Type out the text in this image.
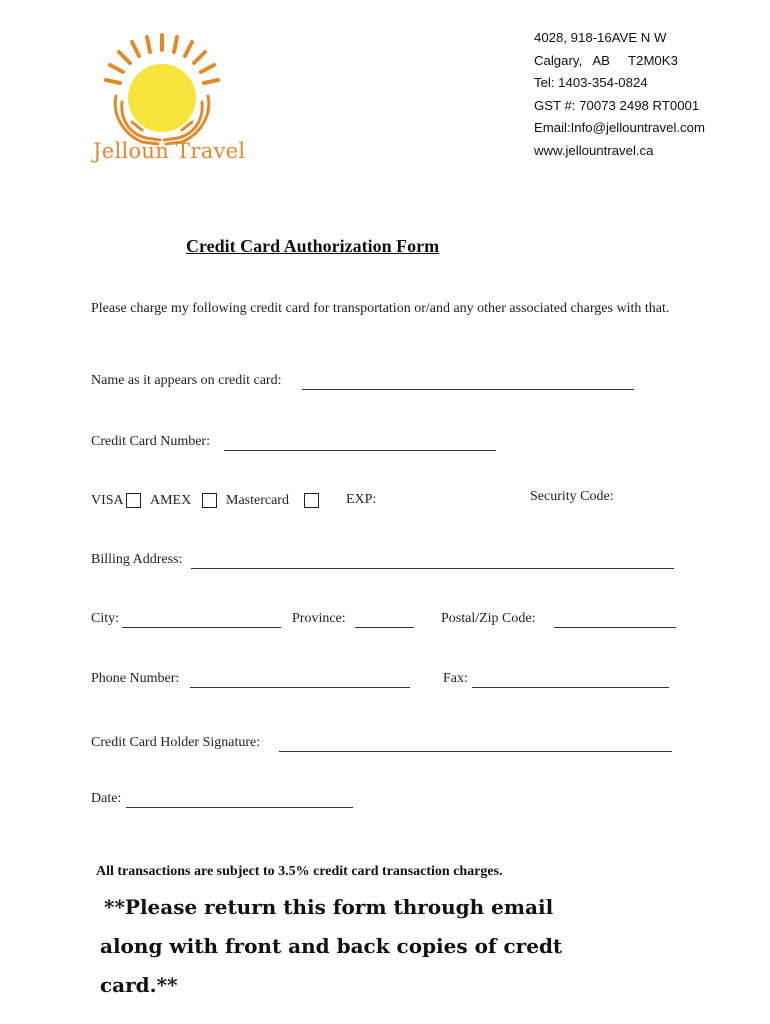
Jelloun Travel
4028, 918-16AVE N W
Calgary,   AB     T2M0K3
Tel: 1403-354-0824
GST #: 70073 2498 RT0001
Email:Info@jellountravel.com
www.jellountravel.ca
Credit Card Authorization Form
Please charge my following credit card for transportation or/and any other associated charges with that.
Name as it appears on credit card:
Credit Card Number:
VISA AMEX Mastercard	EXP:	Security Code:
Billing Address:
City:	Province:	Postal/Zip Code:
Phone Number:	Fax:
Credit Card Holder Signature:
Date:
All transactions are subject to 3.5% credit card transaction charges.
**Please return this form through email
along with front and back copies of credt
card.**
